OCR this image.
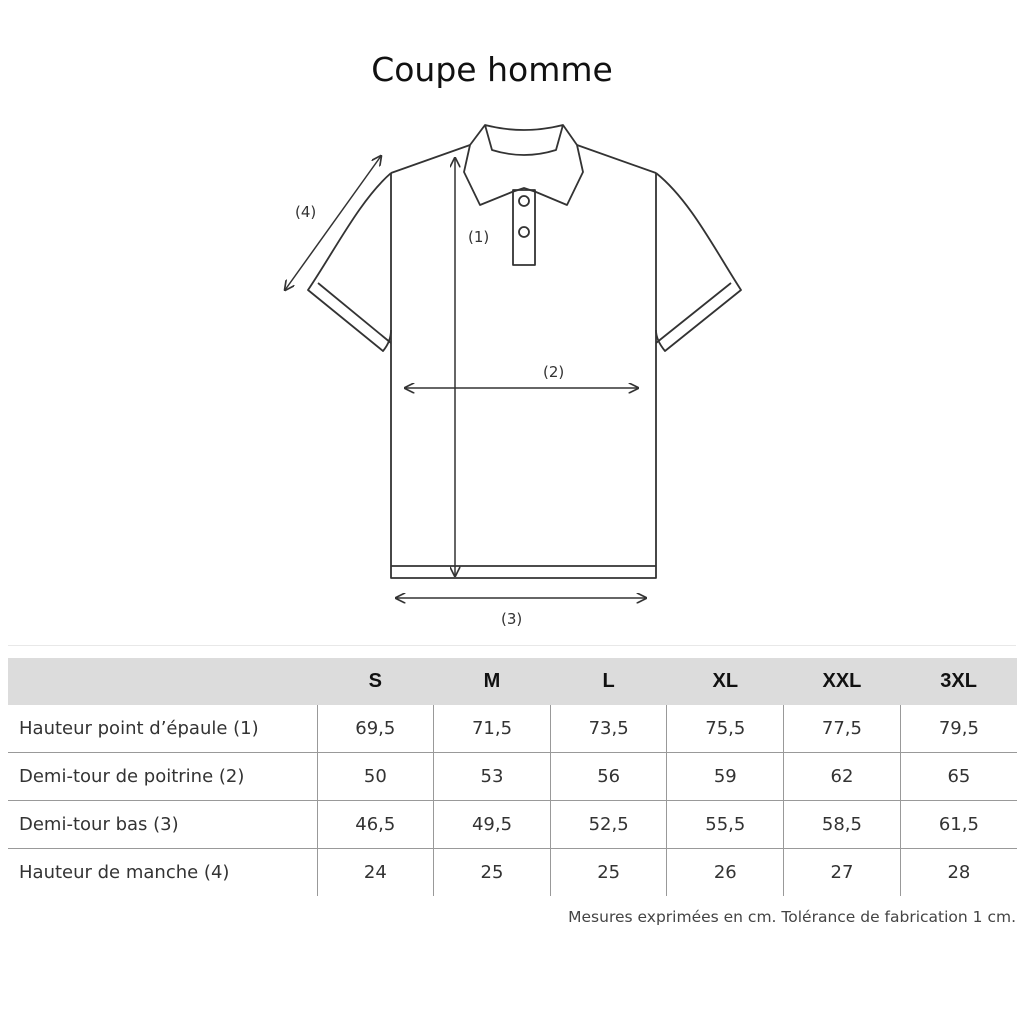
Coupe homme
(1)
(2)
(3)
(4)
	S	M	L	XL	XXL	3XL
Hauteur point d’épaule (1)	69,5	71,5	73,5	75,5	77,5	79,5
Demi-tour de poitrine (2)	50	53	56	59	62	65
Demi-tour bas (3)	46,5	49,5	52,5	55,5	58,5	61,5
Hauteur de manche (4)	24	25	25	26	27	28
Mesures exprimées en cm. Tolérance de fabrication 1 cm.
